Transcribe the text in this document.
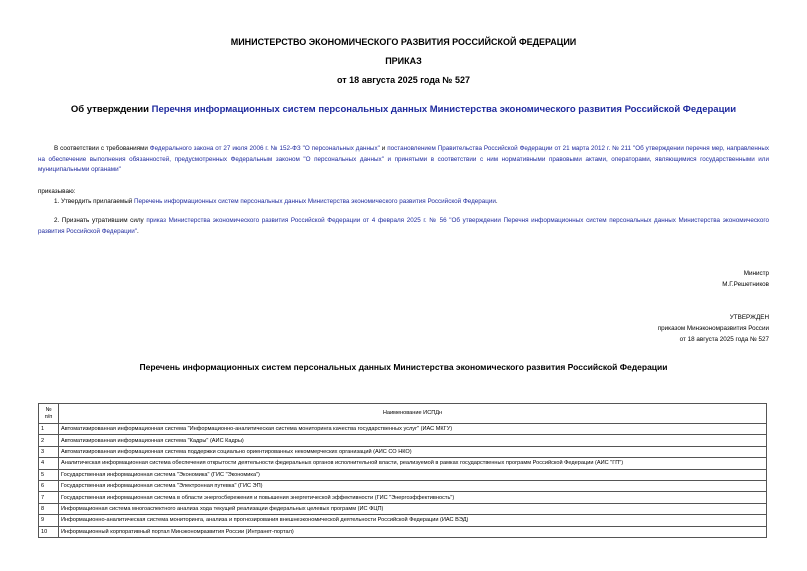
МИНИСТЕРСТВО ЭКОНОМИЧЕСКОГО РАЗВИТИЯ РОССИЙСКОЙ ФЕДЕРАЦИИ
ПРИКАЗ
от 18 августа 2025 года № 527
Об утверждении Перечня информационных систем персональных данных Министерства экономического развития Российской Федерации
В соответствии с требованиями Федерального закона от 27 июля 2006 г. № 152-ФЗ "О персональных данных" и постановлением Правительства Российской Федерации от 21 марта 2012 г. № 211 "Об утверждении перечня мер, направленных на обеспечение выполнения обязанностей, предусмотренных Федеральным законом "О персональных данных" и принятыми в соответствии с ним нормативными правовыми актами, операторами, являющимися государственными или муниципальными органами"
приказываю:
1. Утвердить прилагаемый Перечень информационных систем персональных данных Министерства экономического развития Российской Федерации.
2. Признать утратившим силу приказ Министерства экономического развития Российской Федерации от 4 февраля 2025 г. № 56 "Об утверждении Перечня информационных систем персональных данных Министерства экономического развития Российской Федерации".
Министр
М.Г.Решетников
УТВЕРЖДЕН
приказом Минэкономразвития России
от 18 августа 2025 года № 527
Перечень информационных систем персональных данных Министерства экономического развития Российской Федерации
№
п/п	Наименование ИСПДн
1	Автоматизированная информационная система "Информационно-аналитическая система мониторинга качества государственных услуг" (ИАС МКГУ)
2	Автоматизированная информационная система "Кадры" (АИС Кадры)
3	Автоматизированная информационная система поддержки социально ориентированных некоммерческих организаций (АИС СО НКО)
4	Аналитическая информационная система обеспечения открытости деятельности федеральных органов исполнительной власти, реализуемой в рамках государственных программ Российской Федерации (АИС "ГП")
5	Государственная информационная система "Экономика" (ГИС "Экономика")
6	Государственная информационная система "Электронная путевка" (ГИС ЭП)
7	Государственная информационная система в области энергосбережения и повышения энергетической эффективности (ГИС "Энергоэффективность")
8	Информационная система многоаспектного анализа хода текущей реализации федеральных целевых программ (ИС ФЦП)
9	Информационно-аналитическая система мониторинга, анализа и прогнозирования внешнеэкономической деятельности Российской Федерации (ИАС ВЭД)
10	Информационный корпоративный портал Минэкономразвития России (Интранет-портал)
